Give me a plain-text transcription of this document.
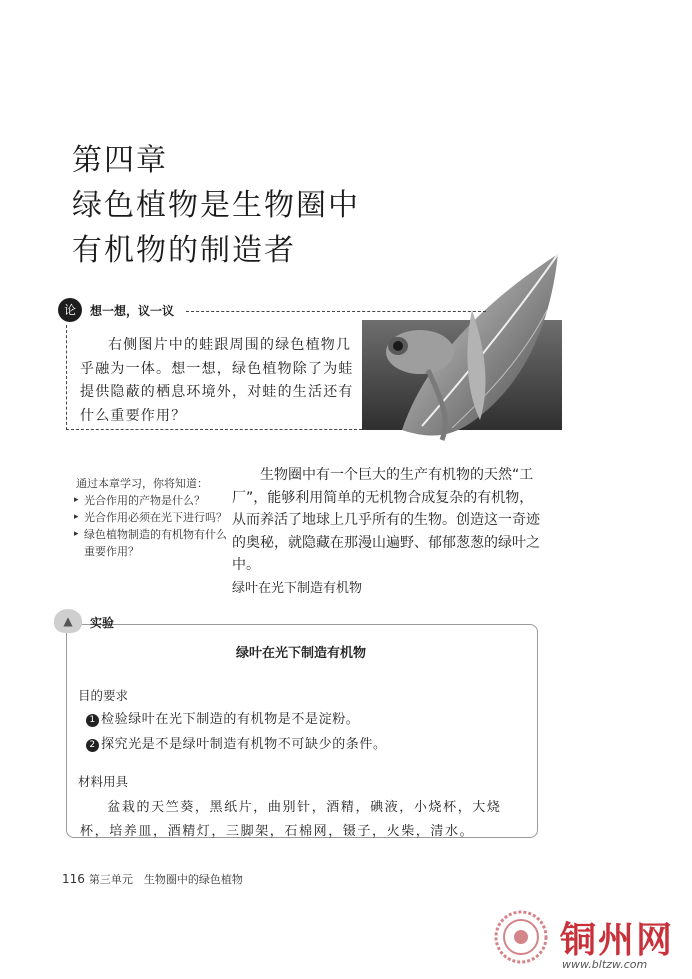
第四章
绿色植物是生物圈中
有机物的制造者
论	想一想，议一议
右侧图片中的蛙跟周围的绿色植物几乎融为一体。想一想，绿色植物除了为蛙提供隐蔽的栖息环境外，对蛙的生活还有什么重要作用？
通过本章学习，你将知道：
▸ 光合作用的产物是什么？
▸ 光合作用必须在光下进行吗？
▸ 绿色植物制造的有机物有什么重要作用？
生物圈中有一个巨大的生产有机物的天然“工厂”，能够利用简单的无机物合成复杂的有机物，从而养活了地球上几乎所有的生物。创造这一奇迹的奥秘，就隐藏在那漫山遍野、郁郁葱葱的绿叶之中。
绿叶在光下制造有机物
▲	实验
绿叶在光下制造有机物
目的要求
1 检验绿叶在光下制造的有机物是不是淀粉。
2 探究光是不是绿叶制造有机物不可缺少的条件。
材料用具
盆栽的天竺葵，黑纸片，曲别针，酒精，碘液，小烧杯，大烧杯，培养皿，酒精灯，三脚架，石棉网，镊子，火柴，清水。
116 第三单元　生物圈中的绿色植物
铜州网
www.bltzw.com
